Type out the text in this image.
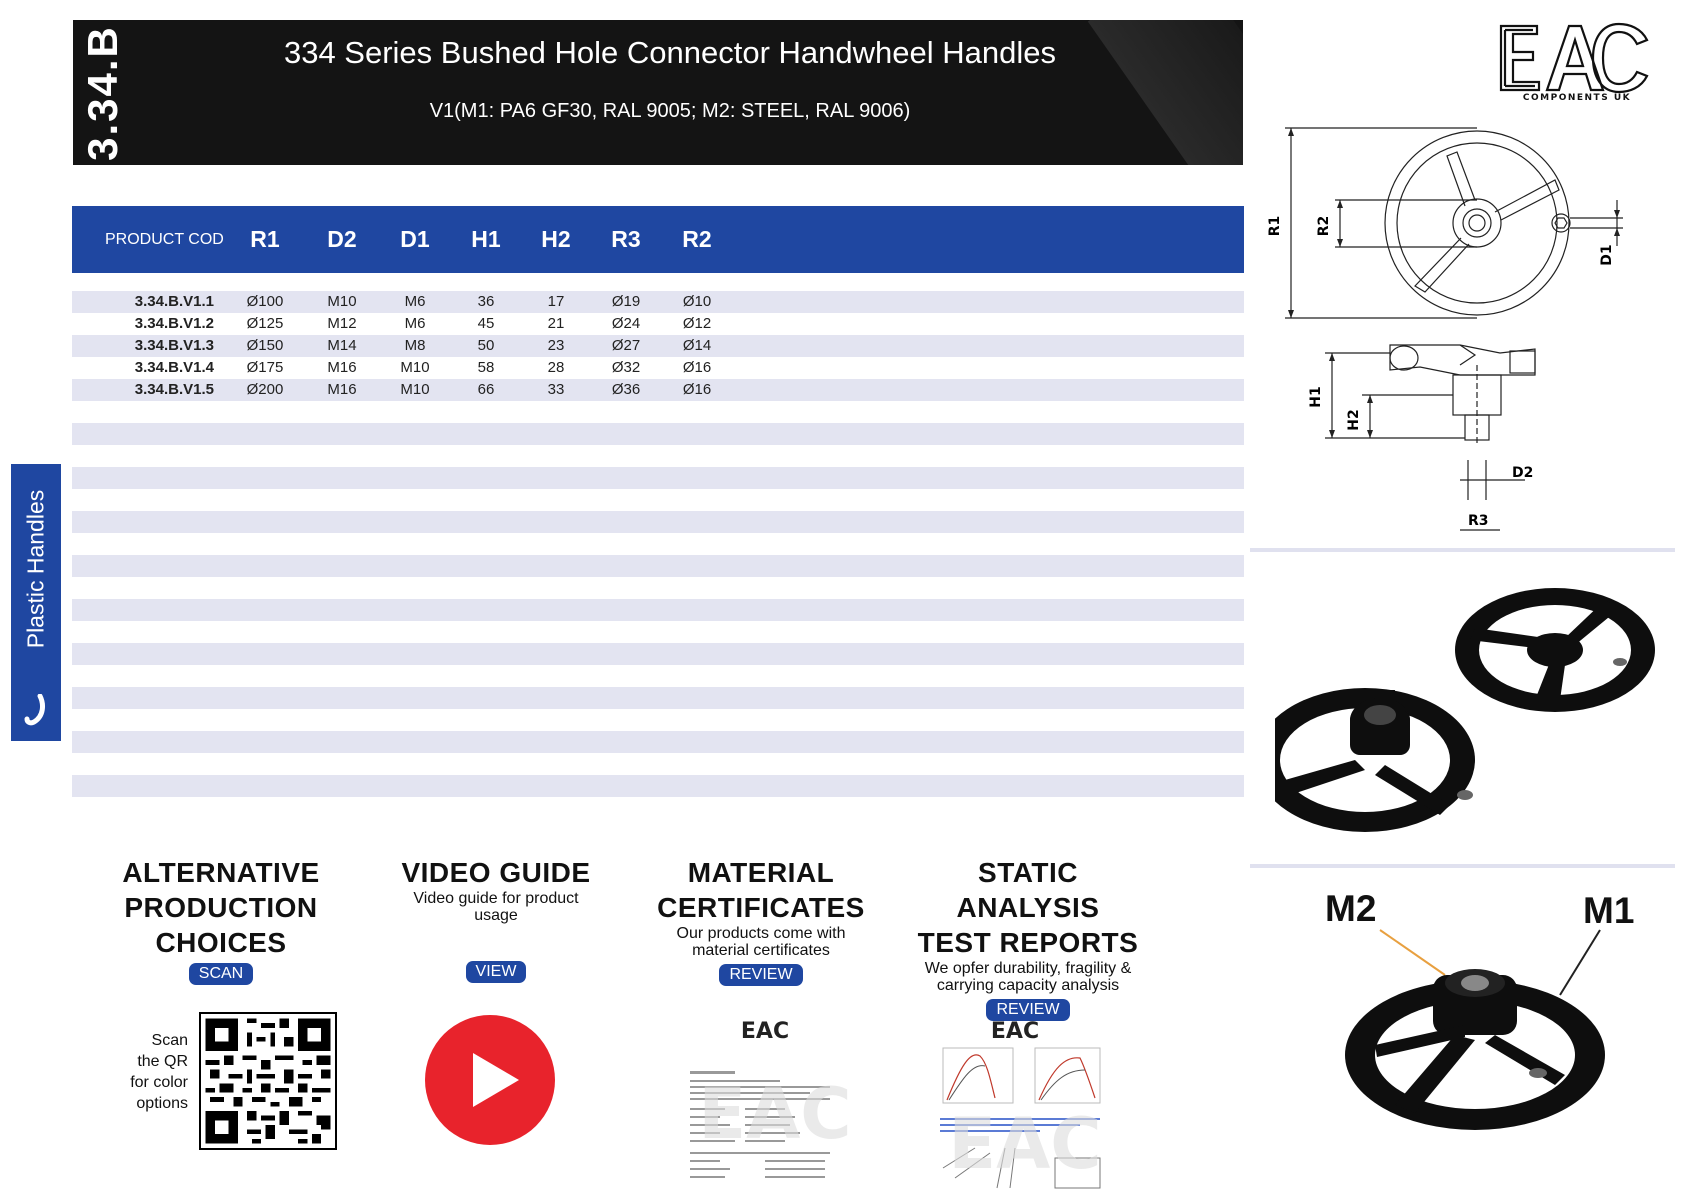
3.34.B	334 Series Bushed Hole Connector Handwheel Handles
V1(M1: PA6 GF30, RAL 9005; M2: STEEL, RAL 9006)
COMPONENTS UK
PRODUCT COD	R1	D2	D1	H1	H2	R3	R2
3.34.B.V1.1	Ø100	M10	M6	36	17	Ø19	Ø10
3.34.B.V1.2	Ø125	M12	M6	45	21	Ø24	Ø12
3.34.B.V1.3	Ø150	M14	M8	50	23	Ø27	Ø14
3.34.B.V1.4	Ø175	M16	M10	58	28	Ø32	Ø16
3.34.B.V1.5	Ø200	M16	M10	66	33	Ø36	Ø16
Plastic Handles
R1 R2
D1
H1
H2
D2
R3
M2	M1
ALTERNATIVE
PRODUCTION
CHOICES
SCAN
Scan
the QR
for color
options
VIDEO GUIDE
Video guide for product
usage
VIEW
MATERIAL
CERTIFICATES
Our products come with
material certificates
REVIEW
EAC
EAC
STATIC ANALYSIS
TEST REPORTS
We opfer durability, fragility &
carrying capacity analysis
REVIEW
EAC
EAC
